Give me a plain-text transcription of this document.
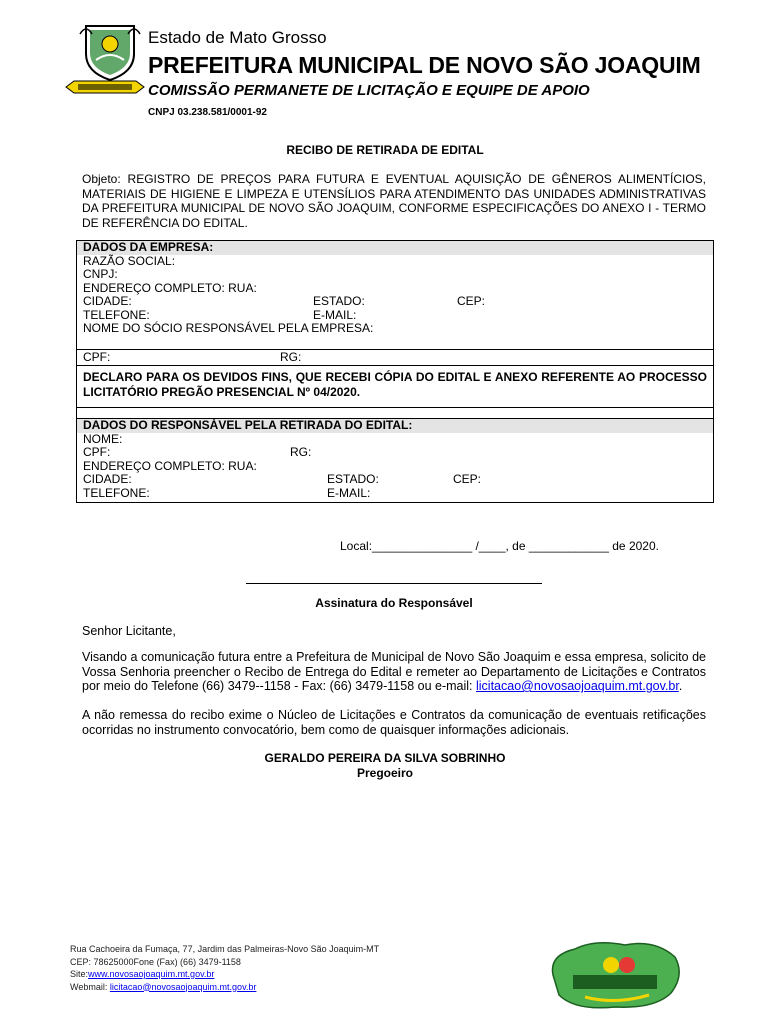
Estado de Mato Grosso
PREFEITURA MUNICIPAL DE NOVO SÃO JOAQUIM
COMISSÃO PERMANETE DE LICITAÇÃO E EQUIPE DE APOIO
CNPJ 03.238.581/0001-92
RECIBO DE RETIRADA DE EDITAL
Objeto: REGISTRO DE PREÇOS PARA FUTURA E EVENTUAL AQUISIÇÃO DE GÊNEROS ALIMENTÍCIOS, MATERIAIS DE HIGIENE E LIMPEZA E UTENSÍLIOS PARA ATENDIMENTO DAS UNIDADES ADMINISTRATIVAS DA PREFEITURA MUNICIPAL DE NOVO SÃO JOAQUIM, CONFORME ESPECIFICAÇÕES DO ANEXO I - TERMO DE REFERÊNCIA DO EDITAL.
DADOS DA EMPRESA:
RAZÃO SOCIAL:
CNPJ:
ENDEREÇO COMPLETO: RUA:
CIDADE:	ESTADO:	CEP:
TELEFONE:	E-MAIL:
NOME DO SÓCIO RESPONSÁVEL PELA EMPRESA:
CPF:	RG:
DECLARO PARA OS DEVIDOS FINS, QUE RECEBI CÓPIA DO EDITAL E ANEXO REFERENTE AO PROCESSO LICITATÓRIO PREGÃO PRESENCIAL Nº 04/2020.
DADOS DO RESPONSÁVEL PELA RETIRADA DO EDITAL:
NOME:
CPF:	RG:
ENDEREÇO COMPLETO: RUA:
CIDADE:	ESTADO:	CEP:
TELEFONE:	E-MAIL:
Local:_______________ /____, de ____________ de 2020.
Assinatura do Responsável
Senhor Licitante,
Visando a comunicação futura entre a Prefeitura de Municipal de Novo São Joaquim e essa empresa, solicito de Vossa Senhoria preencher o Recibo de Entrega do Edital e remeter ao Departamento de Licitações e Contratos por meio do Telefone (66) 3479--1158 - Fax: (66) 3479-1158 ou e-mail: licitacao@novosaojoaquim.mt.gov.br.
A não remessa do recibo exime o Núcleo de Licitações e Contratos da comunicação de eventuais retificações ocorridas no instrumento convocatório, bem como de quaisquer informações adicionais.
GERALDO PEREIRA DA SILVA SOBRINHO
Pregoeiro
Rua Cachoeira da Fumaça, 77, Jardim das Palmeiras-Novo São Joaquim-MT
CEP: 78625000Fone (Fax) (66) 3479-1158
Site:www.novosaojoaquim.mt.gov.br
Webmail: licitacao@novosaojoaquim.mt.gov.br
